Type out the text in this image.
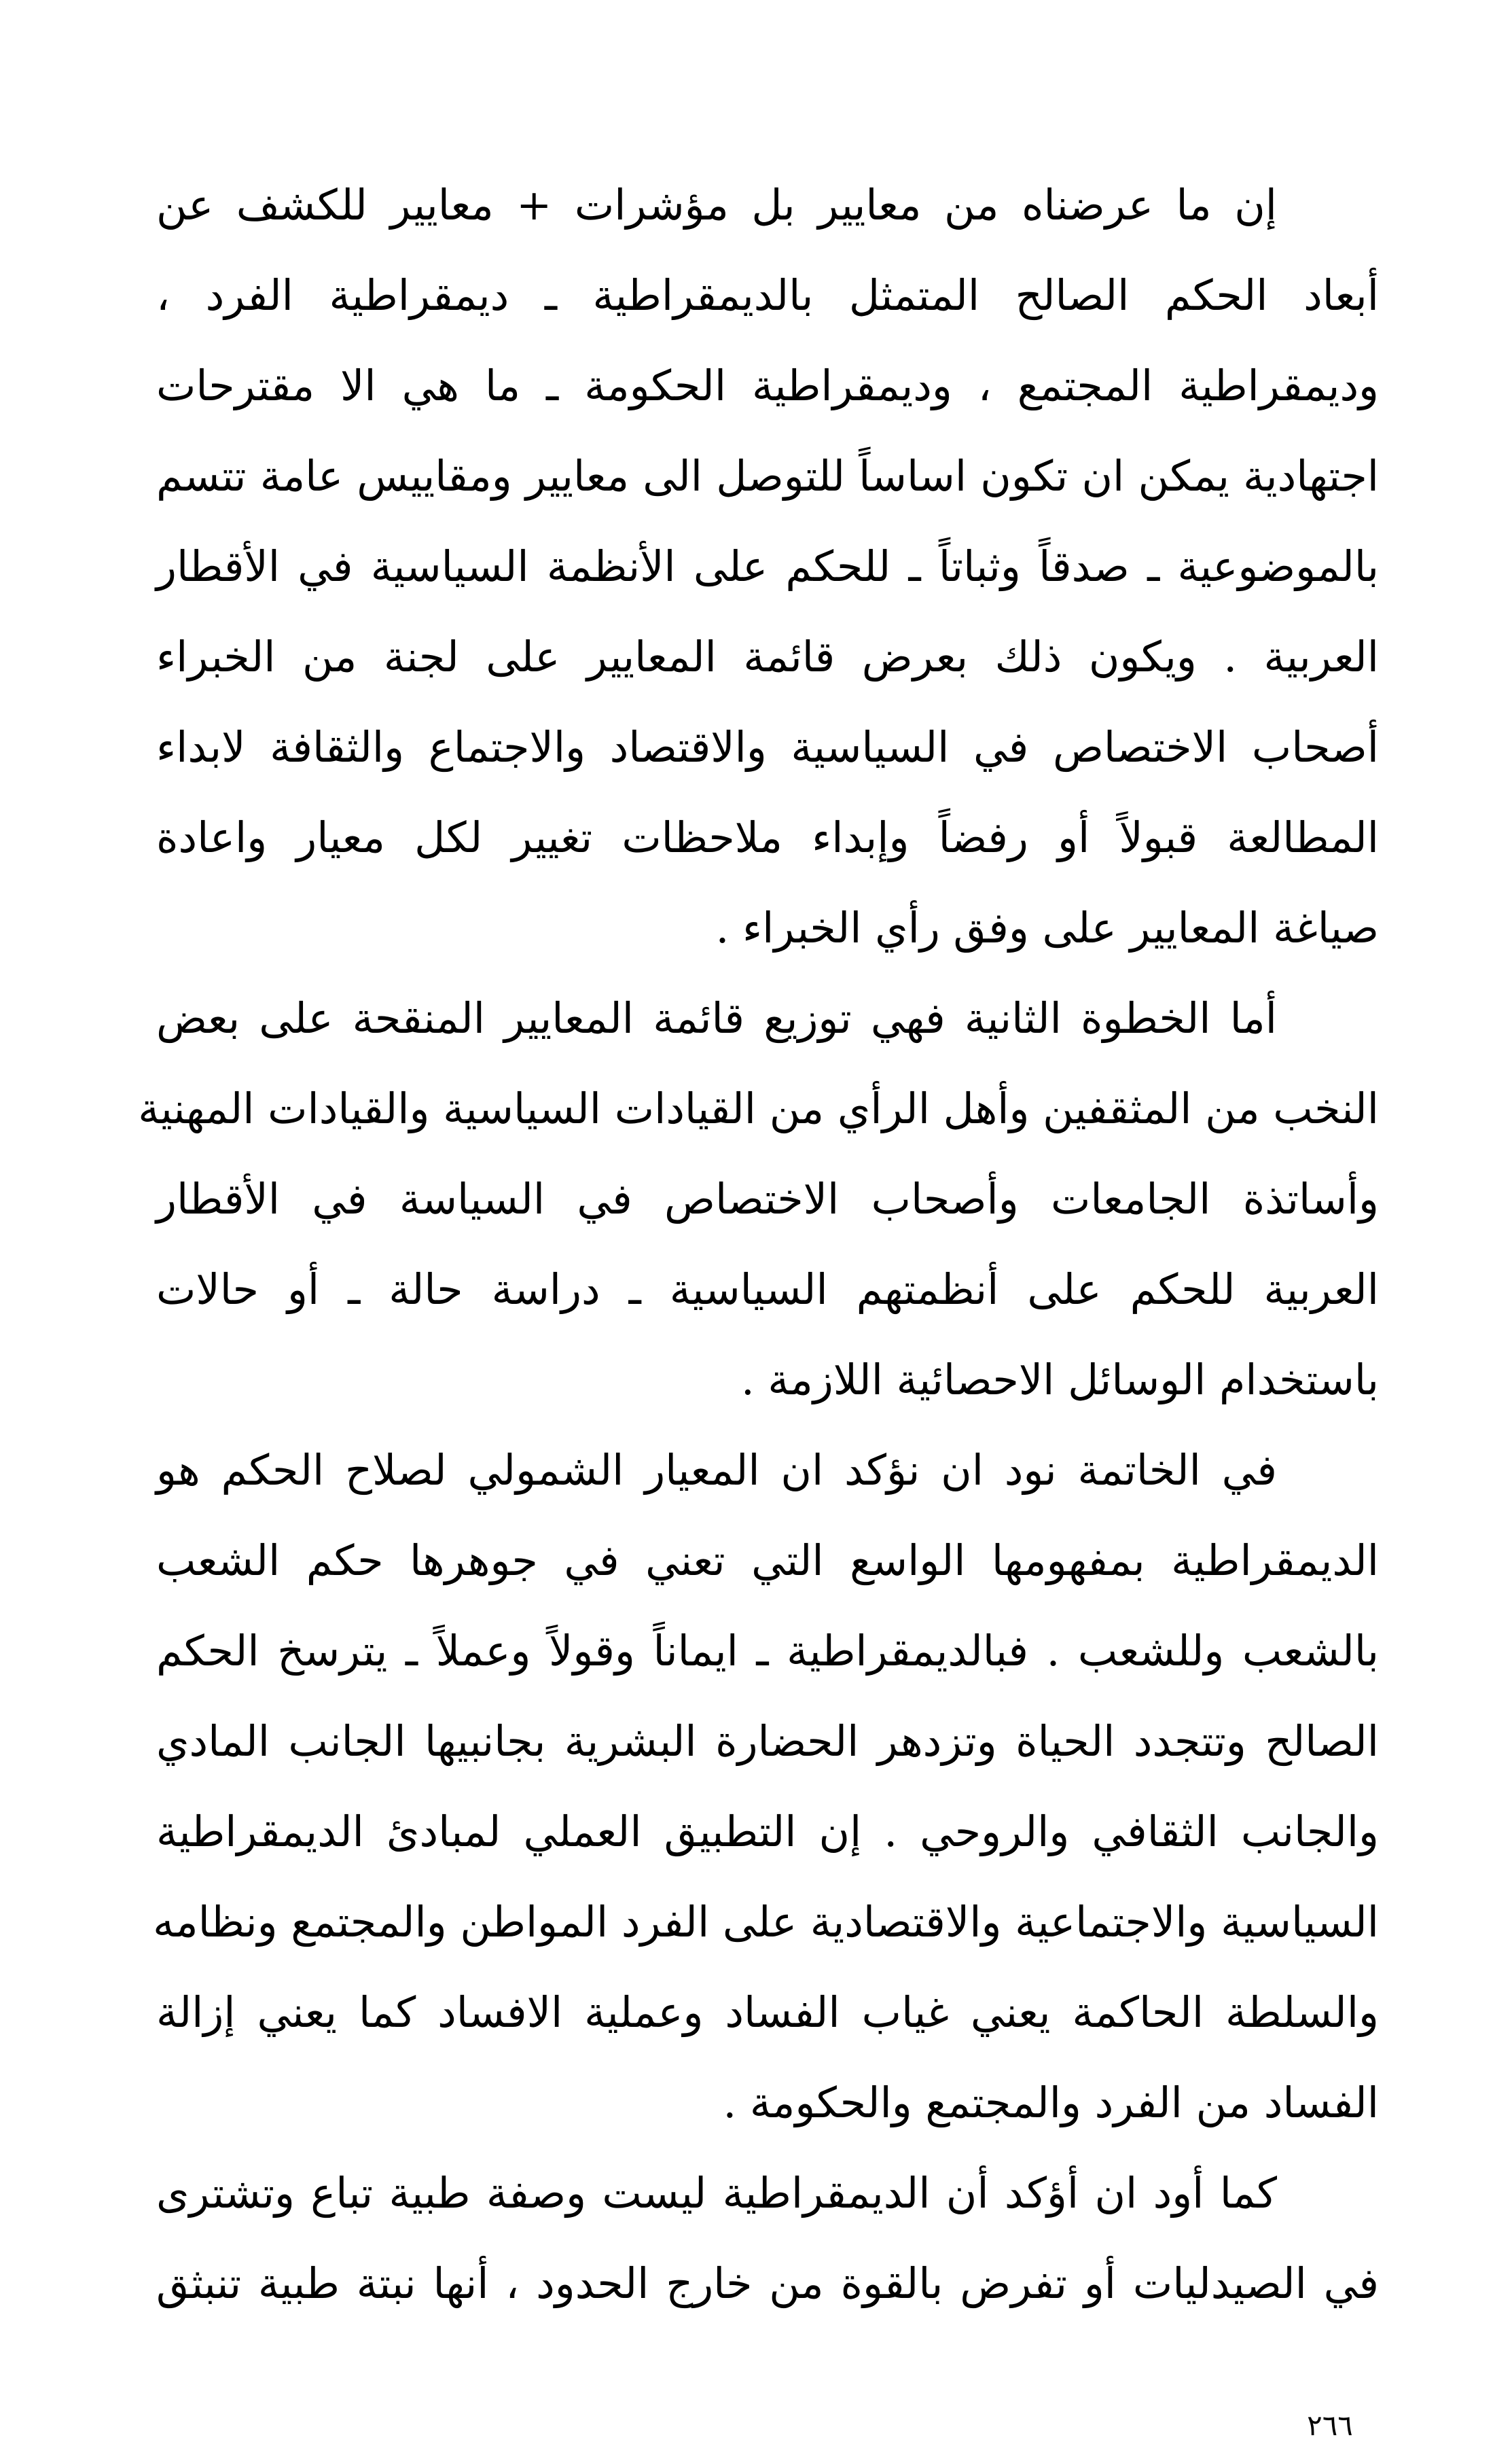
إن ما عرضناه من معايير بل مؤشرات + معايير للكشف عن
أبعاد الحكم الصالح المتمثل بالديمقراطية ـ ديمقراطية الفرد ،
وديمقراطية المجتمع ، وديمقراطية الحكومة ـ ما هي الا مقترحات
اجتهادية يمكن ان تكون اساساً للتوصل الى معايير ومقاييس عامة تتسم
بالموضوعية ـ صدقاً وثباتاً ـ للحكم على الأنظمة السياسية في الأقطار
العربية . ويكون ذلك بعرض قائمة المعايير على لجنة من الخبراء
أصحاب الاختصاص في السياسية والاقتصاد والاجتماع والثقافة لابداء
المطالعة قبولاً أو رفضاً وإبداء ملاحظات تغيير لكل معيار واعادة
صياغة المعايير على وفق رأي الخبراء .
أما الخطوة الثانية فهي توزيع قائمة المعايير المنقحة على بعض
النخب من المثقفين وأهل الرأي من القيادات السياسية والقيادات المهنية
وأساتذة الجامعات وأصحاب الاختصاص في السياسة في الأقطار
العربية للحكم على أنظمتهم السياسية ـ دراسة حالة ـ أو حالات
باستخدام الوسائل الاحصائية اللازمة .
في الخاتمة نود ان نؤكد ان المعيار الشمولي لصلاح الحكم هو
الديمقراطية بمفهومها الواسع التي تعني في جوهرها حكم الشعب
بالشعب وللشعب . فبالديمقراطية ـ ايماناً وقولاً وعملاً ـ يترسخ الحكم
الصالح وتتجدد الحياة وتزدهر الحضارة البشرية بجانبيها الجانب المادي
والجانب الثقافي والروحي . إن التطبيق العملي لمبادئ الديمقراطية
السياسية والاجتماعية والاقتصادية على الفرد المواطن والمجتمع ونظامه
والسلطة الحاكمة يعني غياب الفساد وعملية الافساد كما يعني إزالة
الفساد من الفرد والمجتمع والحكومة .
كما أود ان أؤكد أن الديمقراطية ليست وصفة طبية تباع وتشترى
في الصيدليات أو تفرض بالقوة من خارج الحدود ، أنها نبتة طبية تنبثق
٢٦٦
